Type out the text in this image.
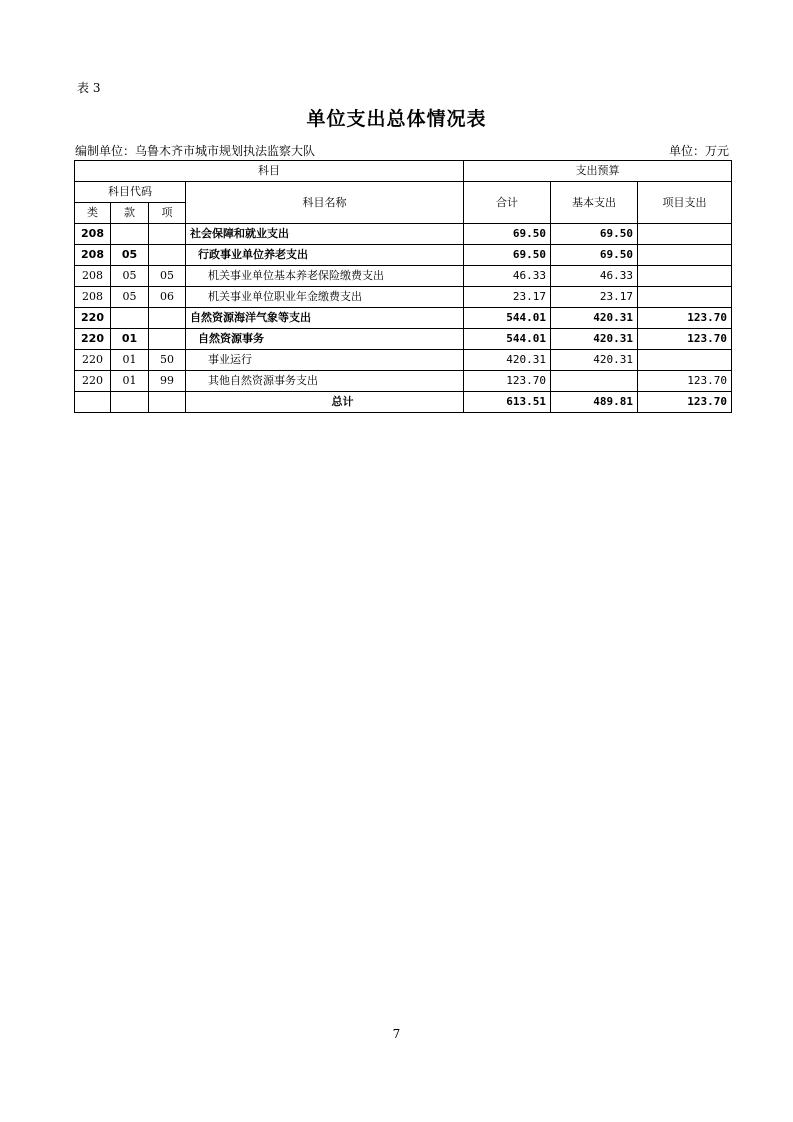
表 3
单位支出总体情况表
编制单位：乌鲁木齐市城市规划执法监察大队	单位：万元
科目				支出预算		
科目代码			科目名称	合计	基本支出	项目支出
类	款	项				
208			社会保障和就业支出	69.50	69.50	
208	05		行政事业单位养老支出	69.50	69.50	
208	05	05	机关事业单位基本养老保险缴费支出	46.33	46.33	
208	05	06	机关事业单位职业年金缴费支出	23.17	23.17	
220			自然资源海洋气象等支出	544.01	420.31	123.70
220	01		自然资源事务	544.01	420.31	123.70
220	01	50	事业运行	420.31	420.31	
220	01	99	其他自然资源事务支出	123.70		123.70
			总计	613.51	489.81	123.70
7
